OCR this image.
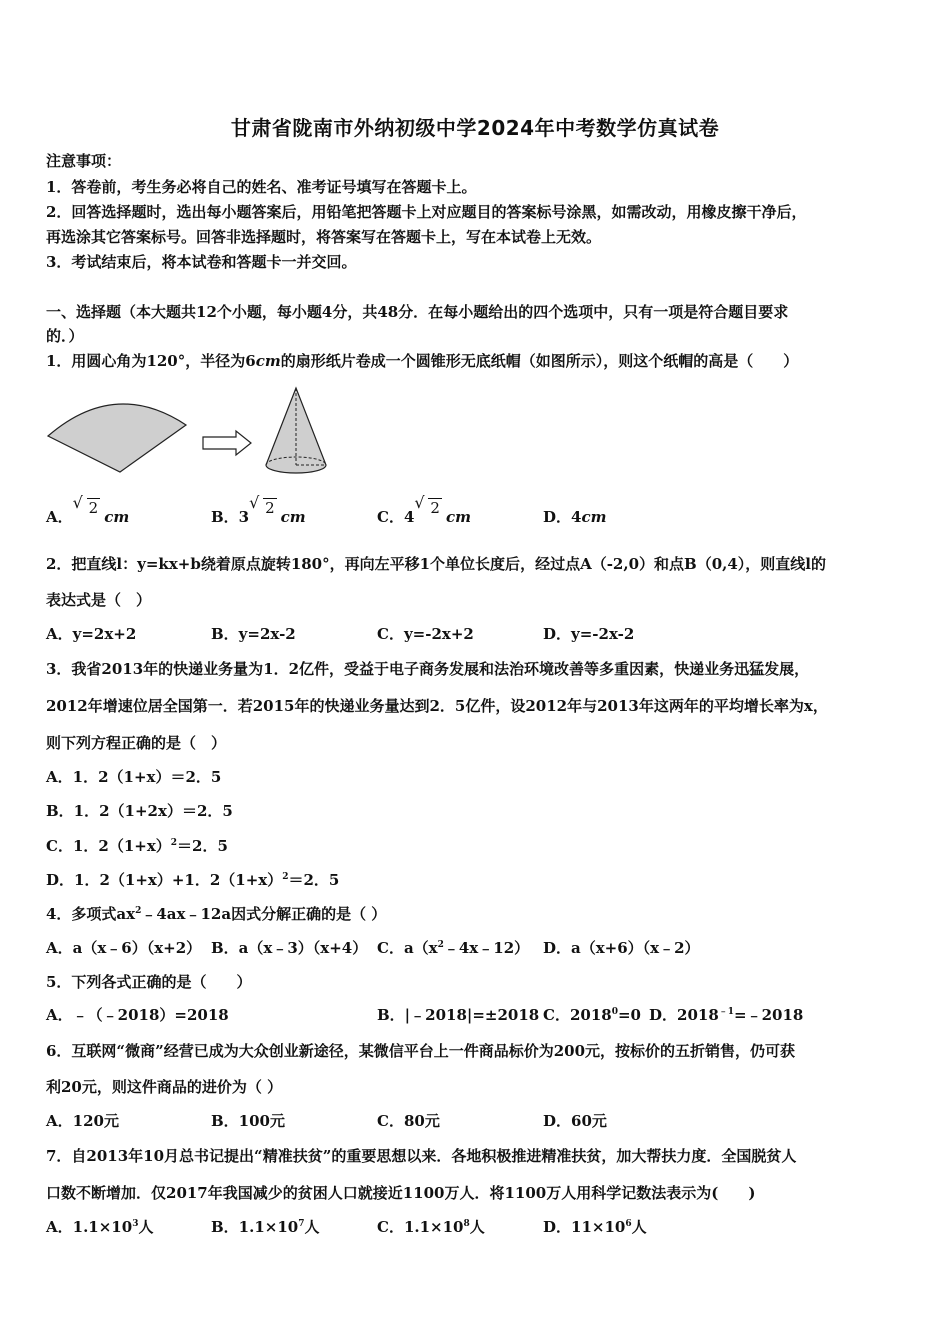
甘肃省陇南市外纳初级中学2024年中考数学仿真试卷
注意事项：
1．答卷前，考生务必将自己的姓名、准考证号填写在答题卡上。
2．回答选择题时，选出每小题答案后，用铅笔把答题卡上对应题目的答案标号涂黑，如需改动，用橡皮擦干净后，
再选涂其它答案标号。回答非选择题时，将答案写在答题卡上，写在本试卷上无效。
3．考试结束后，将本试卷和答题卡一并交回。
一、选择题（本大题共12个小题，每小题4分，共48分．在每小题给出的四个选项中，只有一项是符合题目要求
的．）
1．用圆心角为120°，半径为6cm的扇形纸片卷成一个圆锥形无底纸帽（如图所示），则这个纸帽的高是（　　）
A．
√ 2 cm	B．3
√ 2 cm	C．4
√ 2 cm	D．4cm
2．把直线l：y=kx+b绕着原点旋转180°，再向左平移1个单位长度后，经过点A（-2,0）和点B（0,4），则直线l的
表达式是（　）
A．y=2x+2	B．y=2x-2	C．y=-2x+2	D．y=-2x-2
3．我省2013年的快递业务量为1．2亿件，受益于电子商务发展和法治环境改善等多重因素，快递业务迅猛发展，
2012年增速位居全国第一．若2015年的快递业务量达到2．5亿件，设2012年与2013年这两年的平均增长率为x，
则下列方程正确的是（　）
A．1．2（1+x）＝2．5
B．1．2（1+2x）＝2．5
C．1．$2(1+x)^2=2$．5
D．1．2（1+x）+1．$2(1+x)^2=2$．5
4．多项式$ax^2﹣4ax﹣12a$因式分解正确的是（ ）
A．a（x﹣6）（x+2） B．a（x﹣3）（x+4） C．$a(x^2﹣4x﹣12)$ D．a（x+6）（x﹣2）
5．下列各式正确的是（　　）
A．﹣（﹣2018）=2018	B．|﹣2018|=±2018 C．$2018^0=0$ D．$2018^{﹣1}=﹣2018$
6．互联网“微商”经营已成为大众创业新途径，某微信平台上一件商品标价为200元，按标价的五折销售，仍可获
利20元，则这件商品的进价为（ ）
A．120元	B．100元	C．80元	D．60元
7．自2013年10月总书记提出“精准扶贫”的重要思想以来．各地积极推进精准扶贫，加大帮扶力度．全国脱贫人
口数不断增加．仅2017年我国减少的贫困人口就接近1100万人．将1100万人用科学记数法表示为(　　)
A．$1.1\times 10^3$人	B．$1.1\times 10^7$人	C．$1.1\times 10^8$人	D．$11\times 10^6$人
